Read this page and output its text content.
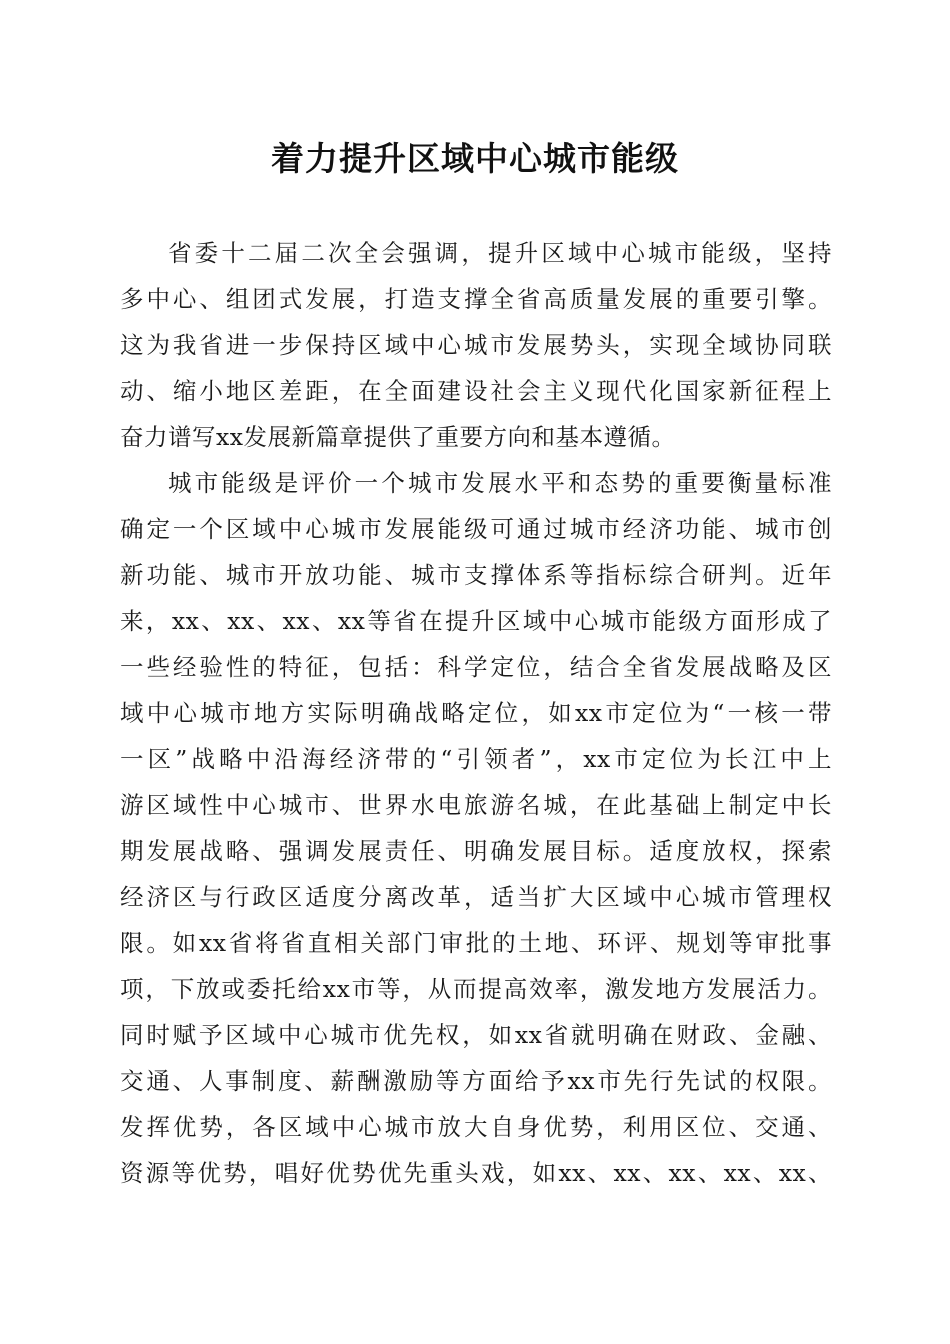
着力提升区域中心城市能级
省委十二届二次全会强调，提升区域中心城市能级，坚持
多中心、组团式发展，打造支撑全省高质量发展的重要引擎。
这为我省进一步保持区域中心城市发展势头，实现全域协同联
动、缩小地区差距，在全面建设社会主义现代化国家新征程上
奋力谱写xx发展新篇章提供了重要方向和基本遵循。
城市能级是评价一个城市发展水平和态势的重要衡量标准
确定一个区域中心城市发展能级可通过城市经济功能、城市创
新功能、城市开放功能、城市支撑体系等指标综合研判。近年
来，xx、xx、xx、xx等省在提升区域中心城市能级方面形成了
一些经验性的特征，包括：科学定位，结合全省发展战略及区
域中心城市地方实际明确战略定位，如xx市定位为“一核一带
一区”战略中沿海经济带的“引领者”，xx市定位为长江中上
游区域性中心城市、世界水电旅游名城，在此基础上制定中长
期发展战略、强调发展责任、明确发展目标。适度放权，探索
经济区与行政区适度分离改革，适当扩大区域中心城市管理权
限。如xx省将省直相关部门审批的土地、环评、规划等审批事
项，下放或委托给xx市等，从而提高效率，激发地方发展活力。
同时赋予区域中心城市优先权，如xx省就明确在财政、金融、
交通、人事制度、薪酬激励等方面给予xx市先行先试的权限。
发挥优势，各区域中心城市放大自身优势，利用区位、交通、
资源等优势，唱好优势优先重头戏，如xx、xx、xx、xx、xx、
